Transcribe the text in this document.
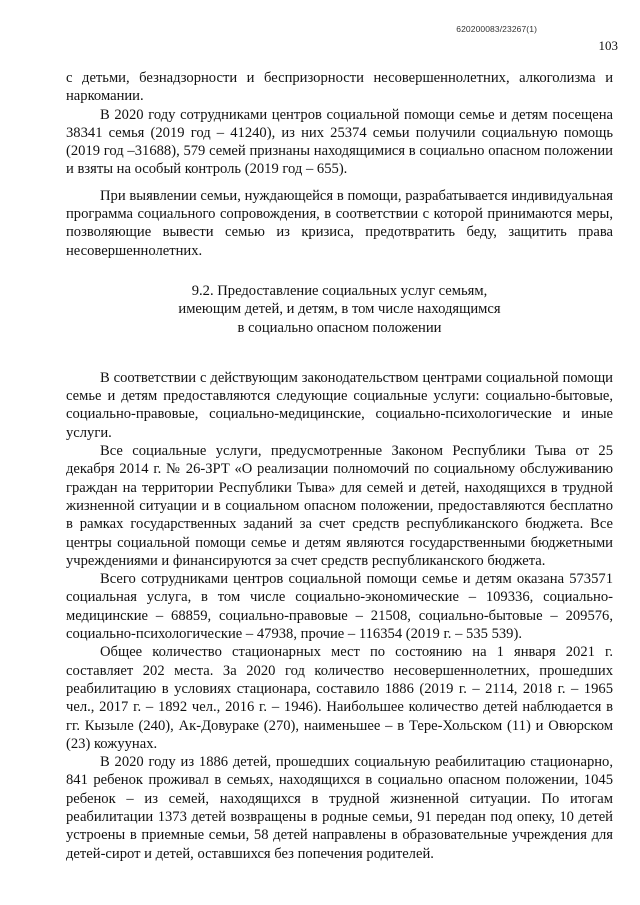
620200083/23267(1)
103

с детьми, безнадзорности и беспризорности несовершеннолетних, алкоголизма и наркомании.

В 2020 году сотрудниками центров социальной помощи семье и детям посещена 38341 семья (2019 год – 41240), из них 25374 семьи получили социальную помощь (2019 год –31688), 579 семей признаны находящимися в социально опасном положении и взяты на особый контроль (2019 год – 655).

При выявлении семьи, нуждающейся в помощи, разрабатывается индивидуальная программа социального сопровождения, в соответствии с которой принимаются меры, позволяющие вывести семью из кризиса, предотвратить беду, защитить права несовершеннолетних.

9.2. Предоставление социальных услуг семьям,
имеющим детей, и детям, в том числе находящимся
в социально опасном положении

В соответствии с действующим законодательством центрами социальной помощи семье и детям предоставляются следующие социальные услуги: социально-бытовые, социально-правовые, социально-медицинские, социально-психологические и иные услуги.

Все социальные услуги, предусмотренные Законом Республики Тыва от 25 декабря 2014 г. № 26-ЗРТ «О реализации полномочий по социальному обслуживанию граждан на территории Республики Тыва» для семей и детей, находящихся в трудной жизненной ситуации и в социальном опасном положении, предоставляются бесплатно в рамках государственных заданий за счет средств республиканского бюджета. Все центры социальной помощи семье и детям являются государственными бюджетными учреждениями и финансируются за счет средств республиканского бюджета.

Всего сотрудниками центров социальной помощи семье и детям оказана 573571 социальная услуга, в том числе социально-экономические – 109336, социально-медицинские – 68859, социально-правовые – 21508, социально-бытовые – 209576, социально-психологические – 47938, прочие – 116354 (2019 г. – 535 539).

Общее количество стационарных мест по состоянию на 1 января 2021 г. составляет 202 места. За 2020 год количество несовершеннолетних, прошедших реабилитацию в условиях стационара, составило 1886 (2019 г. – 2114, 2018 г. – 1965 чел., 2017 г. – 1892 чел., 2016 г. – 1946). Наибольшее количество детей наблюдается в гг. Кызыле (240), Ак-Довураке (270), наименьшее – в Тере-Хольском (11) и Овюрском (23) кожуунах.

В 2020 году из 1886 детей, прошедших социальную реабилитацию стационарно, 841 ребенок проживал в семьях, находящихся в социально опасном положении, 1045 ребенок – из семей, находящихся в трудной жизненной ситуации. По итогам реабилитации 1373 детей возвращены в родные семьи, 91 передан под опеку, 10 детей устроены в приемные семьи, 58 детей направлены в образовательные учреждения для детей-сирот и детей, оставшихся без попечения родителей.
